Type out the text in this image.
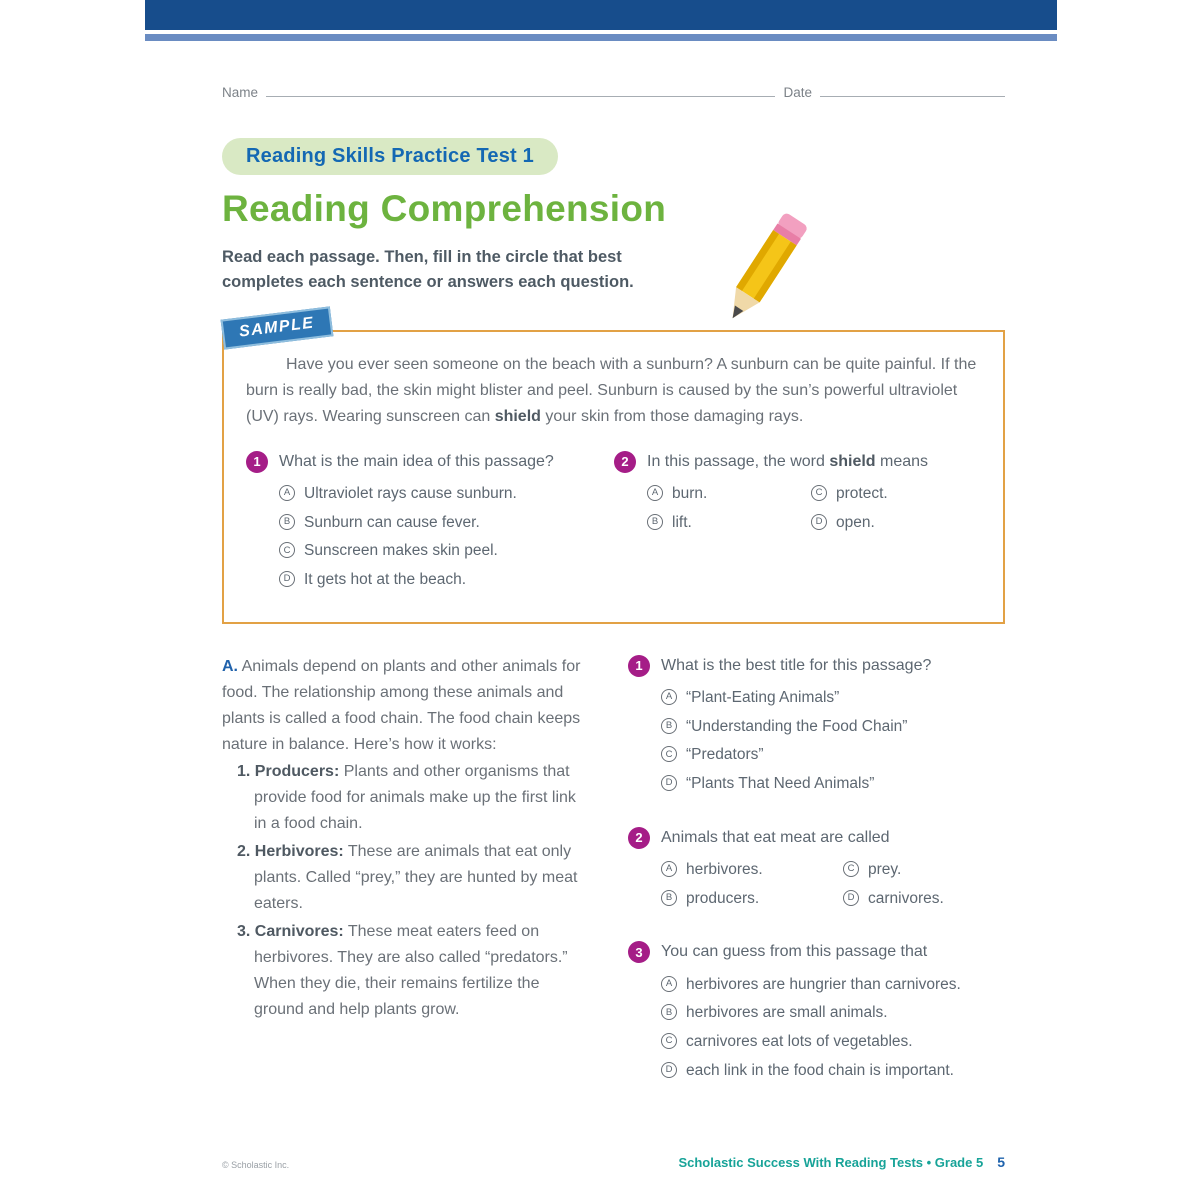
Name	Date
Reading Skills Practice Test 1
Reading Comprehension
Read each passage. Then, fill in the circle that best
completes each sentence or answers each question.
SAMPLE

Have you ever seen someone on the beach with a sunburn? A sunburn can be quite painful. If the burn is really bad, the skin might blister and peel. Sunburn is caused by the sun’s powerful ultraviolet (UV) rays. Wearing sunscreen can shield your skin from those damaging rays.

1	What is the main idea of this passage?
A Ultraviolet rays cause sunburn.
B Sunburn can cause fever.
C Sunscreen makes skin peel.
D It gets hot at the beach.
2	In this passage, the word shield means
A burn.	C protect.
B lift.	D open.
A. Animals depend on plants and other animals for food. The relationship among these animals and plants is called a food chain. The food chain keeps nature in balance. Here’s how it works:
1. Producers: Plants and other organisms that provide food for animals make up the first link in a food chain.
2. Herbivores: These are animals that eat only plants. Called “prey,” they are hunted by meat eaters.
3. Carnivores: These meat eaters feed on herbivores. They are also called “predators.” When they die, their remains fertilize the ground and help plants grow.
1	What is the best title for this passage?
A “Plant-Eating Animals”
B “Understanding the Food Chain”
C “Predators”
D “Plants That Need Animals”
2	Animals that eat meat are called
A herbivores.	C prey.
B producers.	D carnivores.
3	You can guess from this passage that
A herbivores are hungrier than carnivores.
B herbivores are small animals.
C carnivores eat lots of vegetables.
D each link in the food chain is important.
© Scholastic Inc.	Scholastic Success With Reading Tests • Grade 5 5
